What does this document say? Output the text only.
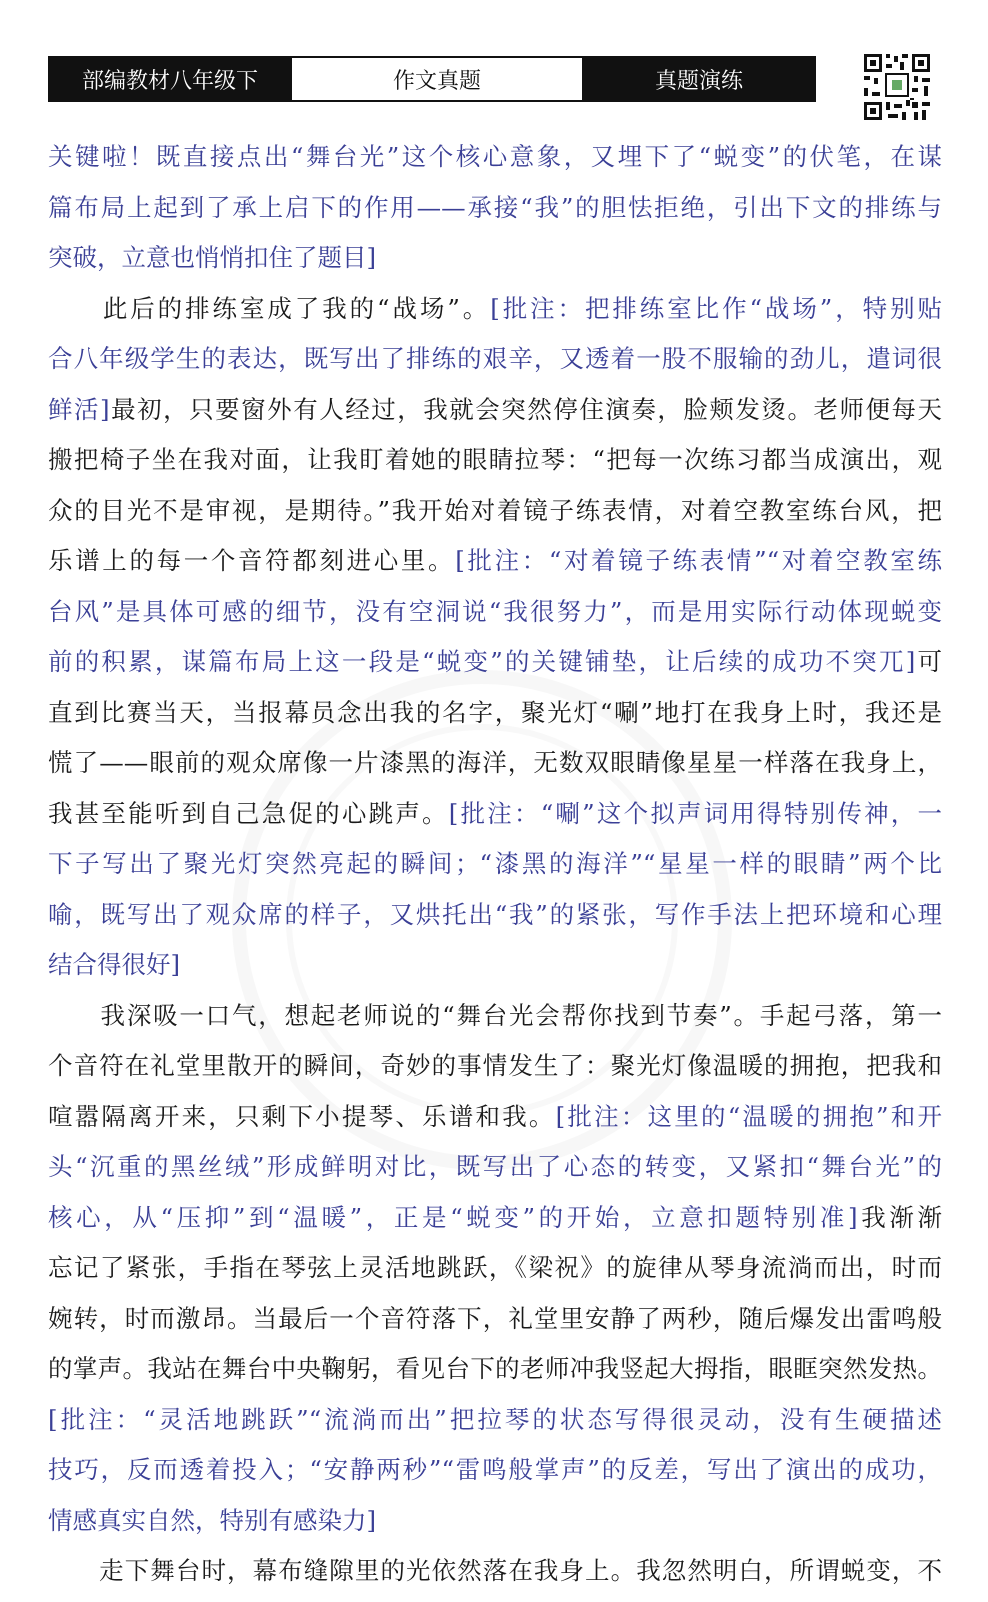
部编教材八年级下	作文真题	真题演练
关键啦！既直接点出“舞台光”这个核心意象，又埋下了“蜕变”的伏笔，在谋
篇布局上起到了承上启下的作用——承接“我”的胆怯拒绝，引出下文的排练与
突破，立意也悄悄扣住了题目]
　　此后的排练室成了我的“战场”。[批注：把排练室比作“战场”，特别贴
合八年级学生的表达，既写出了排练的艰辛，又透着一股不服输的劲儿，遣词很
鲜活]最初，只要窗外有人经过，我就会突然停住演奏，脸颊发烫。老师便每天
搬把椅子坐在我对面，让我盯着她的眼睛拉琴：“把每一次练习都当成演出，观
众的目光不是审视，是期待。”我开始对着镜子练表情，对着空教室练台风，把
乐谱上的每一个音符都刻进心里。[批注：“对着镜子练表情”“对着空教室练
台风”是具体可感的细节，没有空洞说“我很努力”，而是用实际行动体现蜕变
前的积累，谋篇布局上这一段是“蜕变”的关键铺垫，让后续的成功不突兀]可
直到比赛当天，当报幕员念出我的名字，聚光灯“唰”地打在我身上时，我还是
慌了——眼前的观众席像一片漆黑的海洋，无数双眼睛像星星一样落在我身上，
我甚至能听到自己急促的心跳声。[批注：“唰”这个拟声词用得特别传神，一
下子写出了聚光灯突然亮起的瞬间；“漆黑的海洋”“星星一样的眼睛”两个比
喻，既写出了观众席的样子，又烘托出“我”的紧张，写作手法上把环境和心理
结合得很好]
　　我深吸一口气，想起老师说的“舞台光会帮你找到节奏”。手起弓落，第一
个音符在礼堂里散开的瞬间，奇妙的事情发生了：聚光灯像温暖的拥抱，把我和
喧嚣隔离开来，只剩下小提琴、乐谱和我。[批注：这里的“温暖的拥抱”和开
头“沉重的黑丝绒”形成鲜明对比，既写出了心态的转变，又紧扣“舞台光”的
核心，从“压抑”到“温暖”，正是“蜕变”的开始，立意扣题特别准]我渐渐
忘记了紧张，手指在琴弦上灵活地跳跃，《梁祝》的旋律从琴身流淌而出，时而
婉转，时而激昂。当最后一个音符落下，礼堂里安静了两秒，随后爆发出雷鸣般
的掌声。我站在舞台中央鞠躬，看见台下的老师冲我竖起大拇指，眼眶突然发热。
[批注：“灵活地跳跃”“流淌而出”把拉琴的状态写得很灵动，没有生硬描述
技巧，反而透着投入；“安静两秒”“雷鸣般掌声”的反差，写出了演出的成功，
情感真实自然，特别有感染力]
　　走下舞台时，幕布缝隙里的光依然落在我身上。我忽然明白，所谓蜕变，不
